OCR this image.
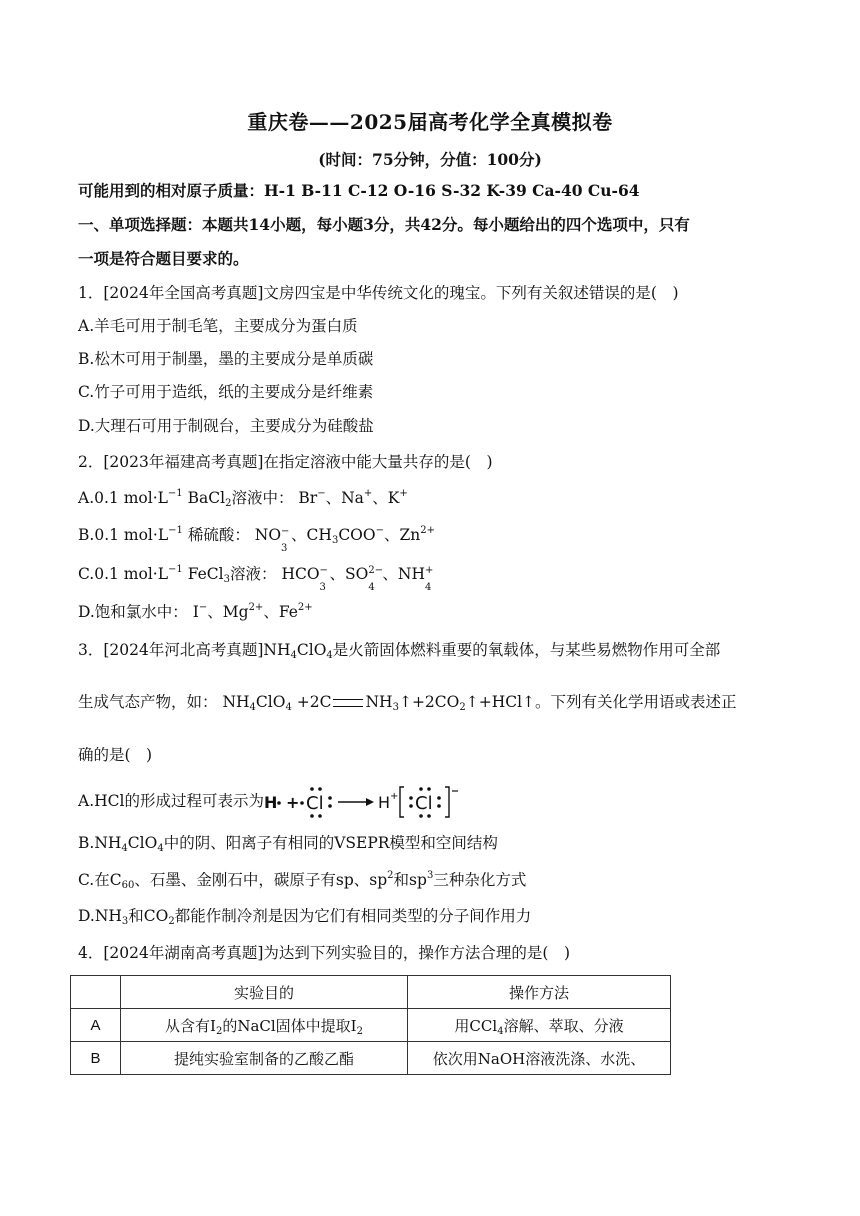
重庆卷——2025届高考化学全真模拟卷
(时间：75分钟，分值：100分)
可能用到的相对原子质量：H-1 B-11 C-12 O-16 S-32 K-39 Ca-40 Cu-64
一、单项选择题：本题共14小题，每小题3分，共42分。每小题给出的四个选项中，只有
一项是符合题目要求的。
1．[2024年全国高考真题]文房四宝是中华传统文化的瑰宝。下列有关叙述错误的是(　)
A.羊毛可用于制毛笔，主要成分为蛋白质
B.松木可用于制墨，墨的主要成分是单质碳
C.竹子可用于造纸，纸的主要成分是纤维素
D.大理石可用于制砚台，主要成分为硅酸盐
2．[2023年福建高考真题]在指定溶液中能大量共存的是(　)
A.0.1 $mol\cdot L^{-1}$ BaCl$_2$溶液中： Br−、Na+、K+
B.0.1 $mol\cdot L^{-1}$ 稀硫酸： NO −
3
、$CH_3COO^-$、$Zn^{2+}$
C.0.1 $mol\cdot L^{-1}$ FeCl$_3$溶液： HCO −
3
、SO 2−
4
、NH +
4
D.饱和氯水中： I−、$Mg^{2+}$、$Fe^{2+}$
3．[2024年河北高考真题]$NH_4ClO_4$是火箭固体燃料重要的氧载体，与某些易燃物作用可全部
生成气态产物，如： $NH_4ClO_4 +2C$ $NH_3↑+2CO_2↑+HCl↑$。下列有关化学用语或表述正
确的是(　)
A.HCl的形成过程可表示为 H + Cl	H + Cl
$B.NH_4ClO_4$中的阴、阳离子有相同的VSEPR模型和空间结构
C.在$C_{60}$、石墨、金刚石中，碳原子有sp、$sp^2$和$sp^3$三种杂化方式
$D.NH_3$和$CO_2$都能作制冷剂是因为它们有相同类型的分子间作用力
4．[2024年湖南高考真题]为达到下列实验目的，操作方法合理的是(　)
	实验目的	操作方法
A	从含有$I_2$的NaCl固体中提取$I_2$	用CCl$_4$溶解、萃取、分液
B	提纯实验室制备的乙酸乙酯	依次用NaOH溶液洗涤、水洗、
